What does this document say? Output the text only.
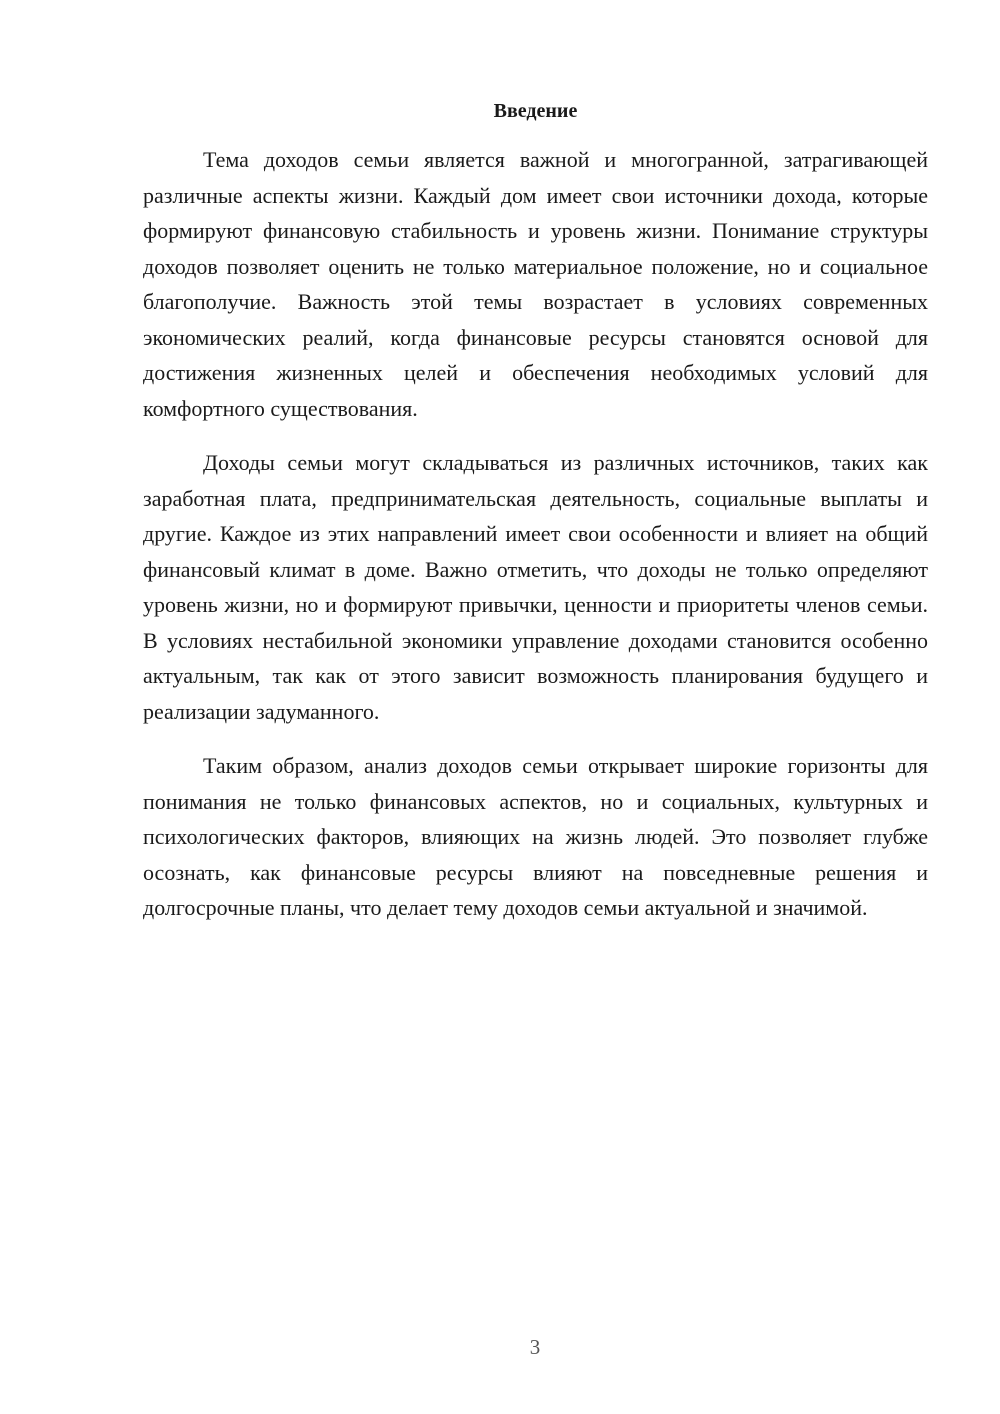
Введение

Тема доходов семьи является важной и многогранной, затрагивающей различные аспекты жизни. Каждый дом имеет свои источники дохода, которые формируют финансовую стабильность и уровень жизни. Понимание структуры доходов позволяет оценить не только материальное положение, но и социальное благополучие. Важность этой темы возрастает в условиях современных экономических реалий, когда финансовые ресурсы становятся основой для достижения жизненных целей и обеспечения необходимых условий для комфортного существования.

Доходы семьи могут складываться из различных источников, таких как заработная плата, предпринимательская деятельность, социальные выплаты и другие. Каждое из этих направлений имеет свои особенности и влияет на общий финансовый климат в доме. Важно отметить, что доходы не только определяют уровень жизни, но и формируют привычки, ценности и приоритеты членов семьи. В условиях нестабильной экономики управление доходами становится особенно актуальным, так как от этого зависит возможность планирования будущего и реализации задуманного.

Таким образом, анализ доходов семьи открывает широкие горизонты для понимания не только финансовых аспектов, но и социальных, культурных и психологических факторов, влияющих на жизнь людей. Это позволяет глубже осознать, как финансовые ресурсы влияют на повседневные решения и долгосрочные планы, что делает тему доходов семьи актуальной и значимой.

3
